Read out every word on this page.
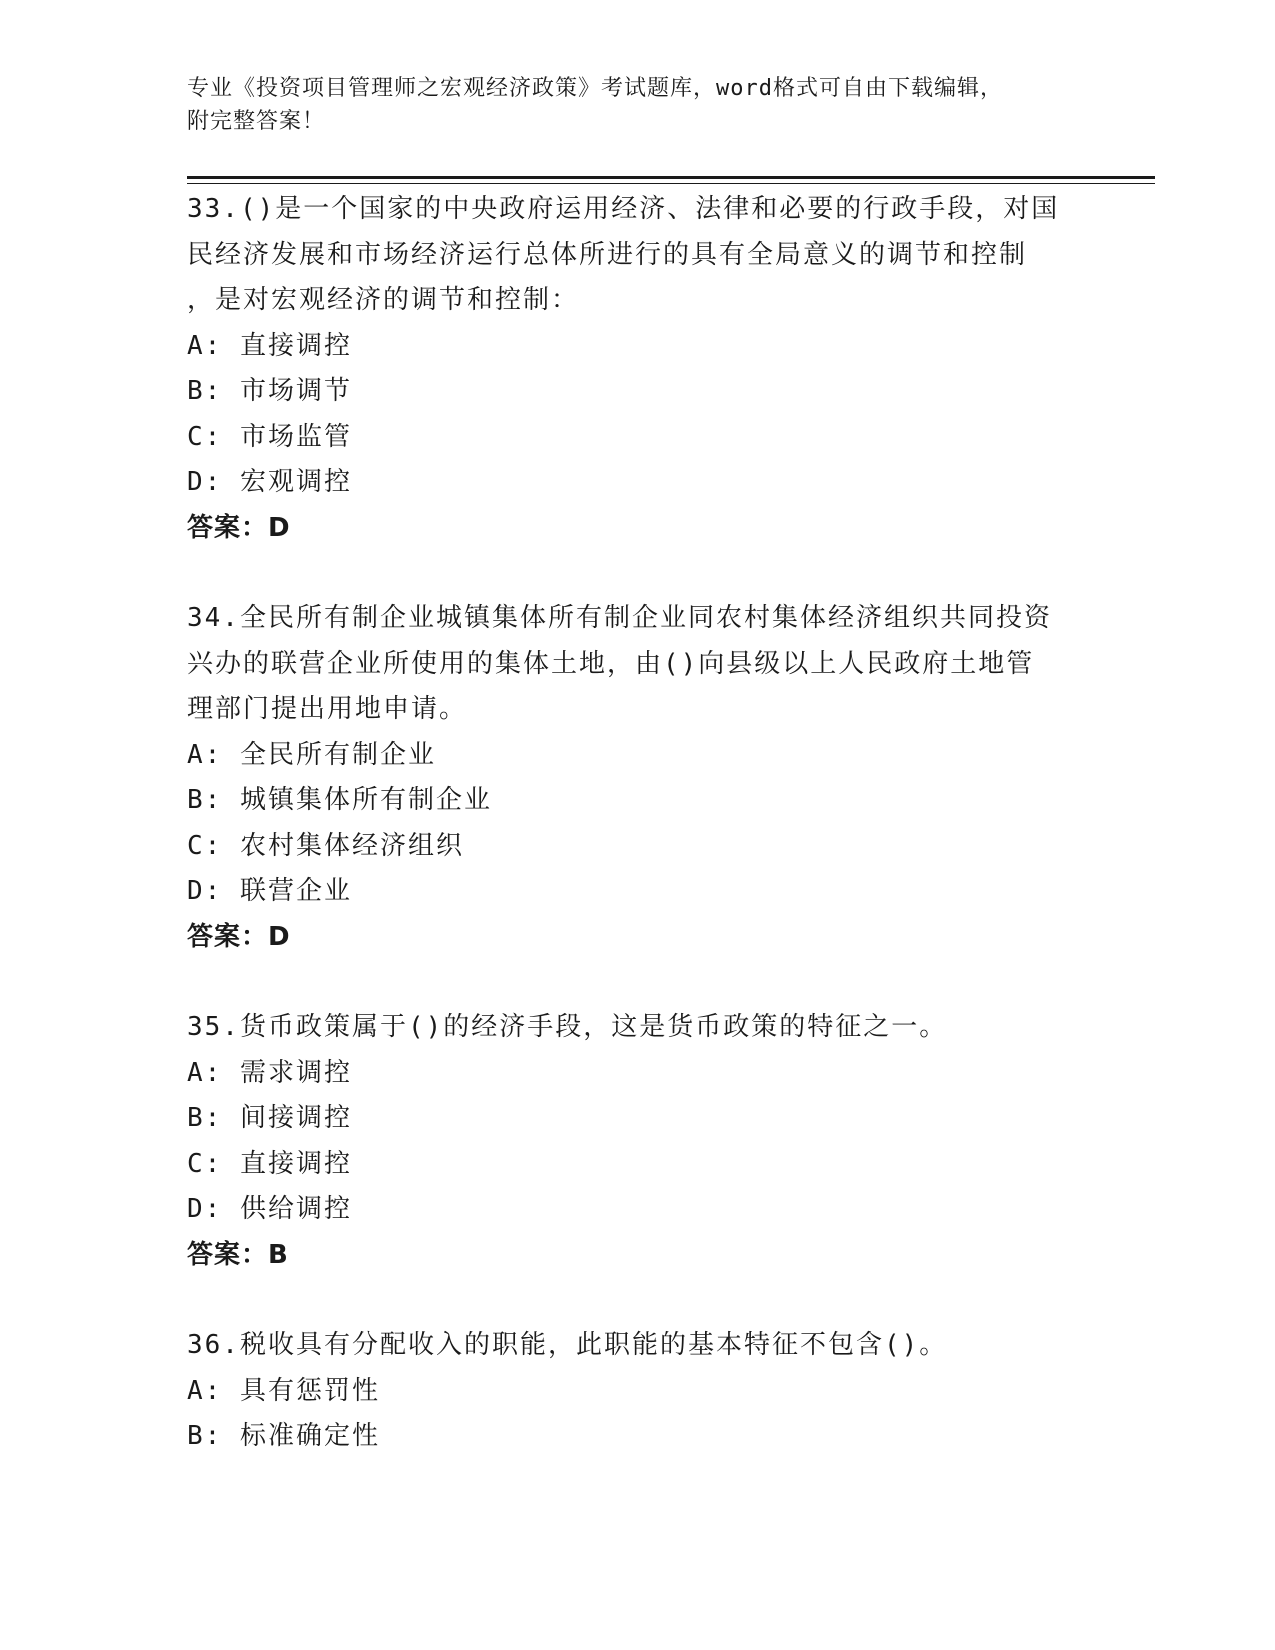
专业《投资项目管理师之宏观经济政策》考试题库，word格式可自由下载编辑，
附完整答案！

33.()是一个国家的中央政府运用经济、法律和必要的行政手段，对国

民经济发展和市场经济运行总体所进行的具有全局意义的调节和控制

，是对宏观经济的调节和控制：

A: 直接调控

B: 市场调节

C: 市场监管

D: 宏观调控

答案：D

34.全民所有制企业城镇集体所有制企业同农村集体经济组织共同投资

兴办的联营企业所使用的集体土地，由()向县级以上人民政府土地管

理部门提出用地申请。

A: 全民所有制企业

B: 城镇集体所有制企业

C: 农村集体经济组织

D: 联营企业

答案：D

35.货币政策属于()的经济手段，这是货币政策的特征之一。

A: 需求调控

B: 间接调控

C: 直接调控

D: 供给调控

答案：B

36.税收具有分配收入的职能，此职能的基本特征不包含()。

A: 具有惩罚性

B: 标准确定性
